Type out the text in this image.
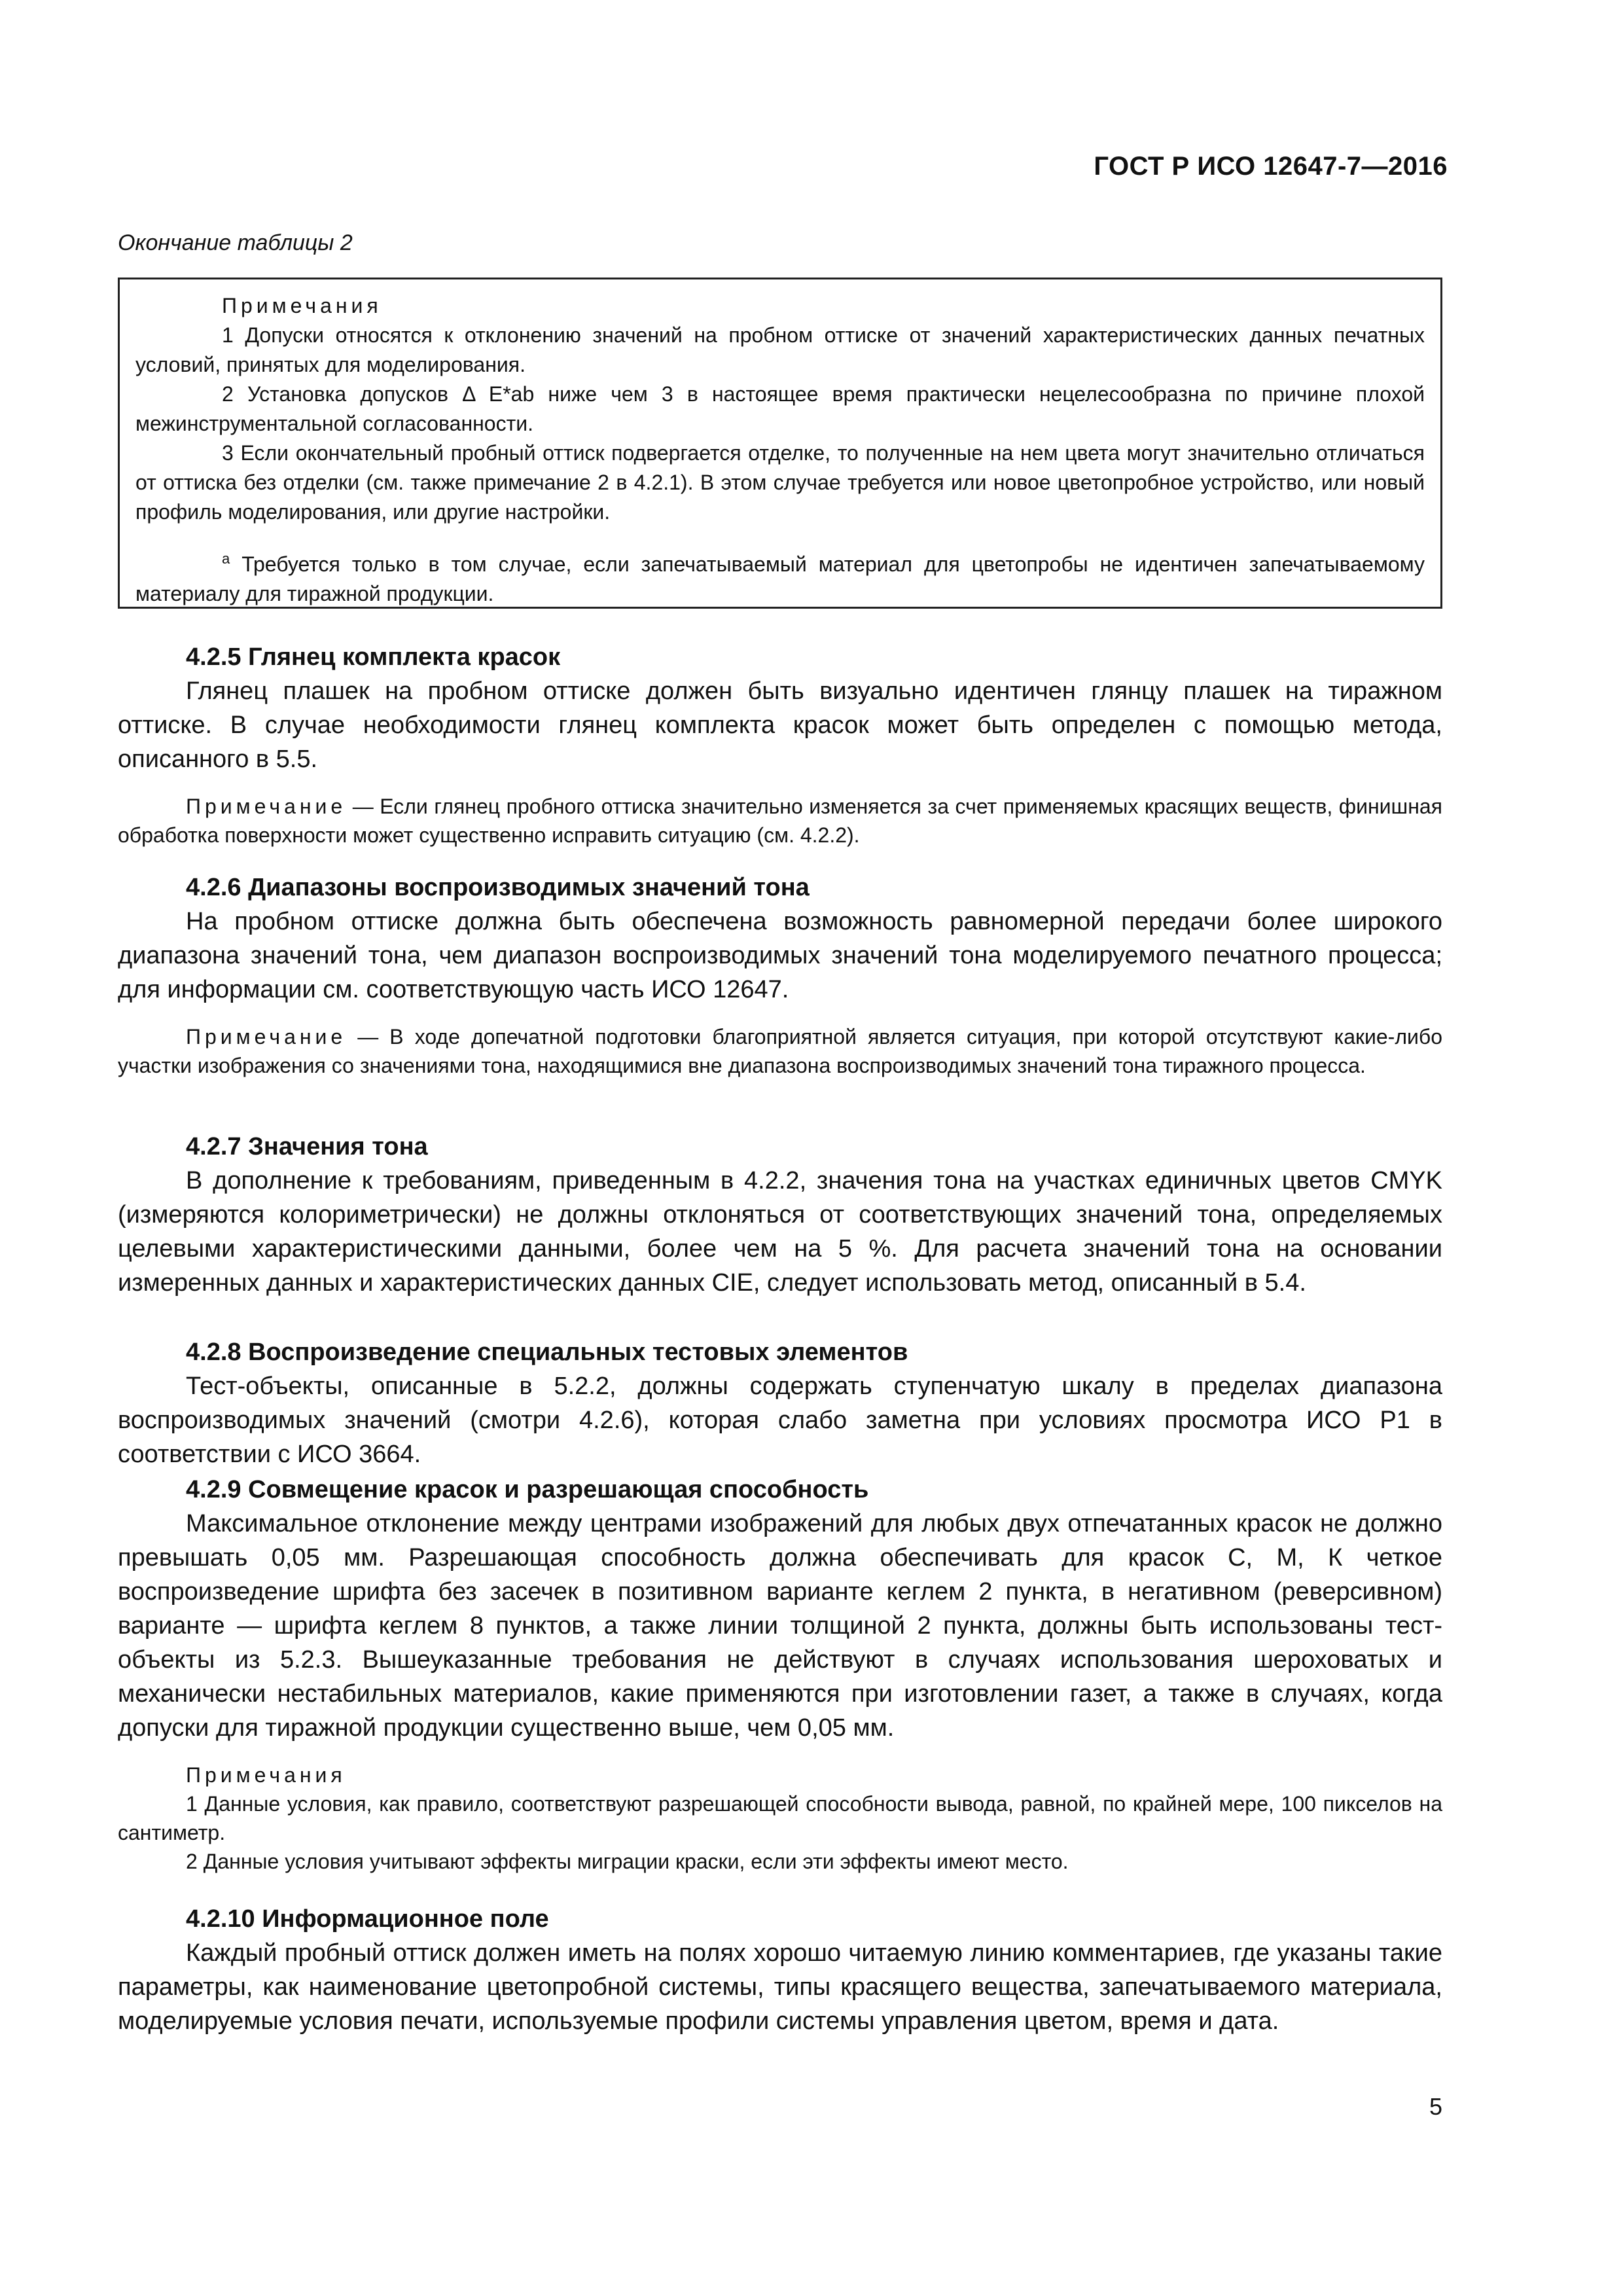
ГОСТ Р ИСО 12647-7—2016
Окончание таблицы 2
Примечания

1 Допуски относятся к отклонению значений на пробном оттиске от значений характеристических данных печатных условий, принятых для моделирования.

2 Установка допусков Δ E*ab ниже чем 3 в настоящее время практически нецелесообразна по причине плохой межинструментальной согласованности.

3 Если окончательный пробный оттиск подвергается отделке, то полученные на нем цвета могут значительно отличаться от оттиска без отделки (см. также примечание 2 в 4.2.1). В этом случае требуется или новое цветопробное устройство, или новый профиль моделирования, или другие настройки.

$^a$ Требуется только в том случае, если запечатываемый материал для цветопробы не идентичен запечатываемому материалу для тиражной продукции.

4.2.5 Глянец комплекта красок

Глянец плашек на пробном оттиске должен быть визуально идентичен глянцу плашек на тиражном оттиске. В случае необходимости глянец комплекта красок может быть определен с помощью метода, описанного в 5.5.

Примечание — Если глянец пробного оттиска значительно изменяется за счет применяемых красящих веществ, финишная обработка поверхности может существенно исправить ситуацию (см. 4.2.2).

4.2.6 Диапазоны воспроизводимых значений тона

На пробном оттиске должна быть обеспечена возможность равномерной передачи более широкого диапазона значений тона, чем диапазон воспроизводимых значений тона моделируемого печатного процесса; для информации см. соответствующую часть ИСО 12647.

Примечание — В ходе допечатной подготовки благоприятной является ситуация, при которой отсутствуют какие-либо участки изображения со значениями тона, находящимися вне диапазона воспроизводимых значений тона тиражного процесса.

4.2.7 Значения тона

В дополнение к требованиям, приведенным в 4.2.2, значения тона на участках единичных цветов CMYK (измеряются колориметрически) не должны отклоняться от соответствующих значений тона, определяемых целевыми характеристическими данными, более чем на 5 %. Для расчета значений тона на основании измеренных данных и характеристических данных CIE, следует использовать метод, описанный в 5.4.

4.2.8 Воспроизведение специальных тестовых элементов

Тест-объекты, описанные в 5.2.2, должны содержать ступенчатую шкалу в пределах диапазона воспроизводимых значений (смотри 4.2.6), которая слабо заметна при условиях просмотра ИСО Р1 в соответствии с ИСО 3664.

4.2.9 Совмещение красок и разрешающая способность

Максимальное отклонение между центрами изображений для любых двух отпечатанных красок не должно превышать 0,05 мм. Разрешающая способность должна обеспечивать для красок С, М, К четкое воспроизведение шрифта без засечек в позитивном варианте кеглем 2 пункта, в негативном (реверсивном) варианте — шрифта кеглем 8 пунктов, а также линии толщиной 2 пункта, должны быть использованы тест-объекты из 5.2.3. Вышеуказанные требования не действуют в случаях использования шероховатых и механически нестабильных материалов, какие применяются при изготовлении газет, а также в случаях, когда допуски для тиражной продукции существенно выше, чем 0,05 мм.

Примечания

1 Данные условия, как правило, соответствуют разрешающей способности вывода, равной, по крайней мере, 100 пикселов на сантиметр.

2 Данные условия учитывают эффекты миграции краски, если эти эффекты имеют место.

4.2.10 Информационное поле

Каждый пробный оттиск должен иметь на полях хорошо читаемую линию комментариев, где указаны такие параметры, как наименование цветопробной системы, типы красящего вещества, запечатываемого материала, моделируемые условия печати, используемые профили системы управления цветом, время и дата.

5
